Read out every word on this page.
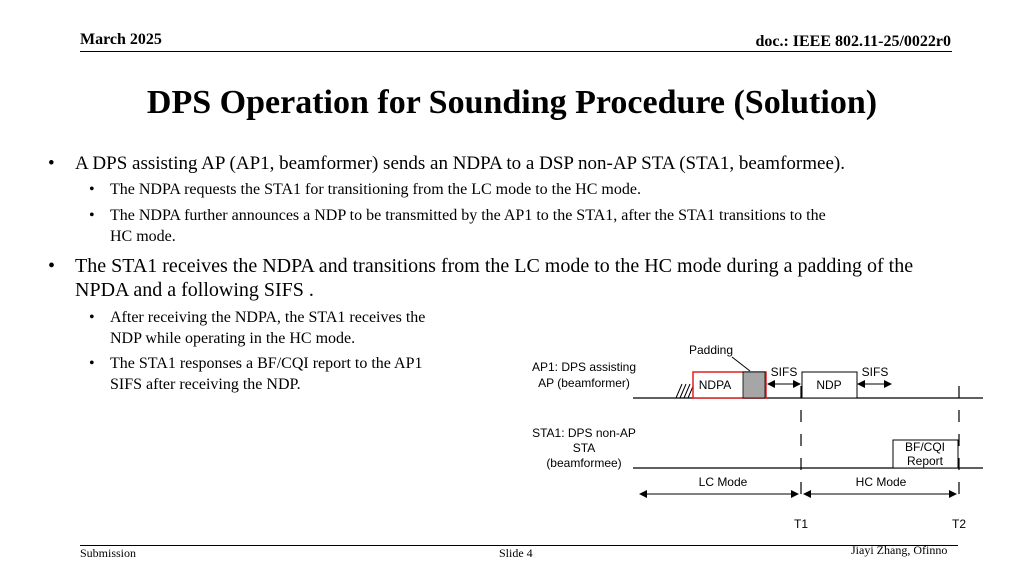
March 2025	doc.: IEEE 802.11-25/0022r0
DPS Operation for Sounding Procedure (Solution)
• A DPS assisting AP (AP1, beamformer) sends an NDPA to a DSP non-AP STA (STA1, beamformee).
• The NDPA requests the STA1 for transitioning from the LC mode to the HC mode.
• The NDPA further announces a NDP to be transmitted by the AP1 to the STA1, after the STA1 transitions to the
HC mode.
• The STA1 receives the NDPA and transitions from the LC mode to the HC mode during a padding of the
NPDA and a following SIFS .
• After receiving the NDPA, the STA1 receives the
NDP while operating in the HC mode.
• The STA1 responses a BF/CQI report to the AP1
SIFS after receiving the NDP.
AP1: DPS assisting
AP (beamformer)
STA1: DPS non-AP
STA
(beamformee)
NDPA
Padding
SIFS
NDP
SIFS
BF/CQI
Report
LC Mode	HC Mode
T1	T2
Submission	Slide 4	Jiayi Zhang, Ofinno
